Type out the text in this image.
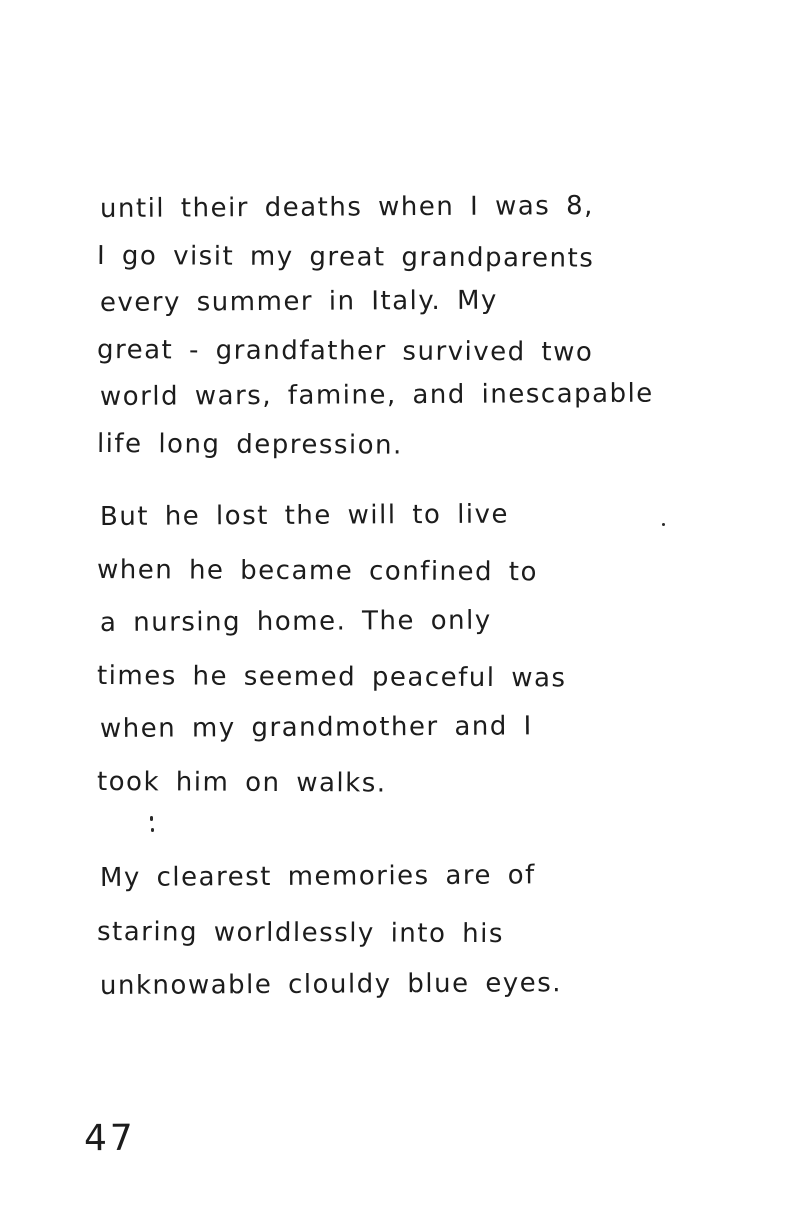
until their deaths when I was 8,
I go visit my great grandparents
every summer in Italy. My
great - grandfather survived two
world wars, famine, and inescapable
life long depression.
But he lost the will to live
when he became confined to
a nursing home. The only
times he seemed peaceful was
when my grandmother and I
took him on walks.
My clearest memories are of
staring worldlessly into his
unknowable clouldy blue eyes.
47
